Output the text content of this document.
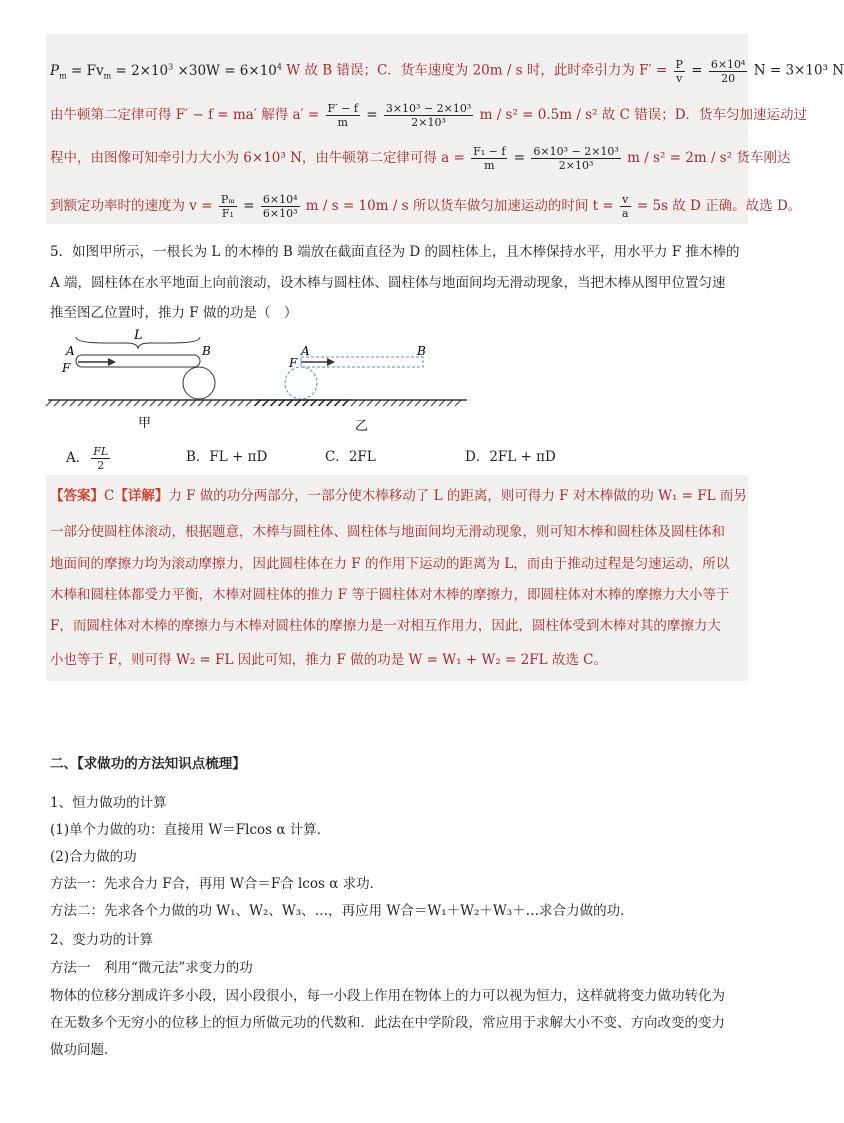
$P_m = Fv_m = 2\times 10^3 \times 30W = 6\times 10^4$ W 故 B 错误；C．货车速度为 20m / s 时，此时牵引力为 $F' = \frac{P}{v} = \frac{\text{6×10⁴}}{20}$ N = 3×10³ N
由牛顿第二定律可得 F′ − f = ma′ 解得 $a' = \frac{F' - f}{m} = \frac{\text{3×10³ − 2×10³}}{\text{2×10³}}$ m / s² = 0.5m / s² 故 C 错误；D．货车匀加速运动过
程中，由图像可知牵引力大小为 6×10³ N，由牛顿第二定律可得 $a = \frac{\text{F₁ − f}}{m} = \frac{\text{6×10³ − 2×10³}}{\text{2×10³}}$ m / s² = 2m / s² 货车刚达
到额定功率时的速度为 $v = \frac{\text{Pₘ}}{\text{F₁}} = \frac{\text{6×10⁴}}{\text{6×10³}}$ m / s = 10m / s 所以货车做匀加速运动的时间 $t = \frac{v}{a} = 5s$ 故 D 正确。故选 D。
5．如图甲所示，一根长为 L 的木棒的 B 端放在截面直径为 D 的圆柱体上，且木棒保持水平，用水平力 F 推木棒的
A 端，圆柱体在水平地面上向前滚动，设木棒与圆柱体、圆柱体与地面间均无滑动现象，当把木棒从图甲位置匀速
推至图乙位置时，推力 F 做的功是（　）
L
A	B
F
甲
A	B
F
乙
A． $\frac{FL}{2}$	B．FL + πD	C．2FL	D．2FL + πD
【答案】C【详解】力 F 做的功分两部分，一部分使木棒移动了 L 的距离，则可得力 F 对木棒做的功 W₁ = FL 而另
一部分使圆柱体滚动，根据题意，木棒与圆柱体、圆柱体与地面间均无滑动现象，则可知木棒和圆柱体及圆柱体和
地面间的摩擦力均为滚动摩擦力，因此圆柱体在力 F 的作用下运动的距离为 L，而由于推动过程是匀速运动，所以
木棒和圆柱体都受力平衡，木棒对圆柱体的推力 F 等于圆柱体对木棒的摩擦力，即圆柱体对木棒的摩擦力大小等于
F，而圆柱体对木棒的摩擦力与木棒对圆柱体的摩擦力是一对相互作用力，因此，圆柱体受到木棒对其的摩擦力大
小也等于 F，则可得 W₂ = FL 因此可知，推力 F 做的功是 W = W₁ + W₂ = 2FL 故选 C。
二、【求做功的方法知识点梳理】
1、恒力做功的计算
(1)单个力做的功：直接用 W＝Flcos α 计算．
(2)合力做的功
方法一：先求合力 F合，再用 W合＝F合 lcos α 求功．
方法二：先求各个力做的功 W₁、W₂、W₃、…，再应用 W合＝W₁＋W₂＋W₃＋…求合力做的功．
2、变力功的计算
方法一　利用“微元法”求变力的功
物体的位移分割成许多小段，因小段很小，每一小段上作用在物体上的力可以视为恒力，这样就将变力做功转化为
在无数多个无穷小的位移上的恒力所做元功的代数和．此法在中学阶段，常应用于求解大小不变、方向改变的变力
做功问题．
